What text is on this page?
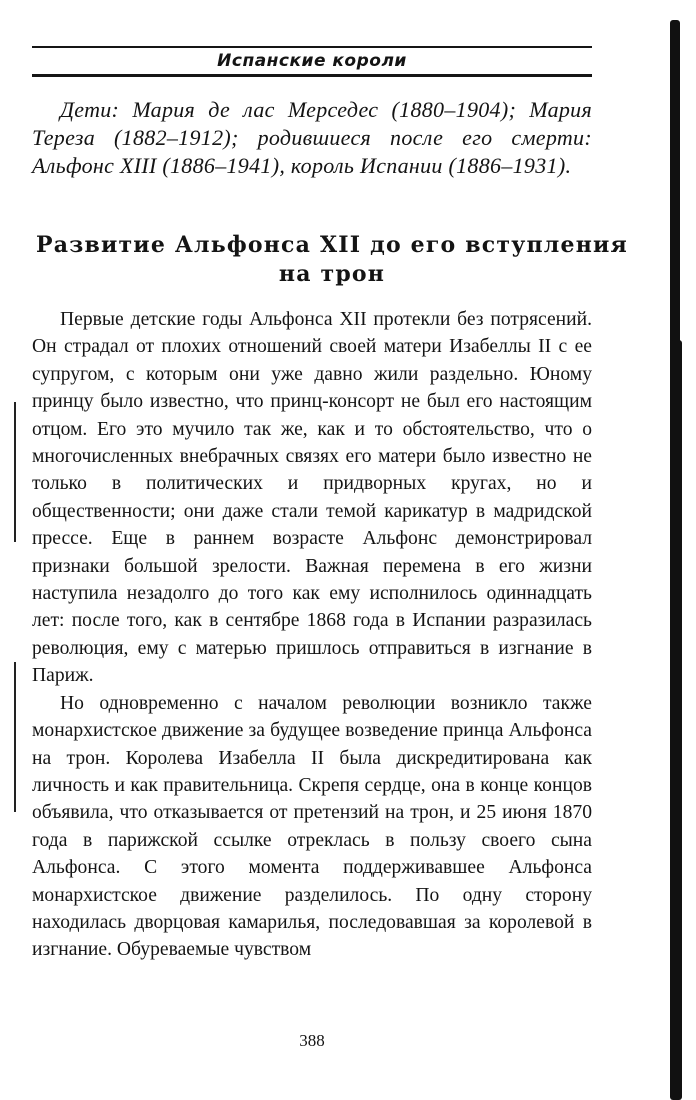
Испанские короли

Дети: Мария де лас Мерседес (1880–1904); Мария Тереза (1882–1912); родившиеся после его смерти: Альфонс XIII (1886–1941), король Испании (1886–1931).

Развитие Альфонса XII до его вступления на трон

Первые детские годы Альфонса XII протекли без потрясений. Он страдал от плохих отношений своей матери Изабеллы II с ее супругом, с которым они уже давно жили раздельно. Юному принцу было известно, что принц-консорт не был его настоящим отцом. Его это мучило так же, как и то обстоятельство, что о многочисленных внебрачных связях его матери было известно не только в политических и придворных кругах, но и общественности; они даже стали темой карикатур в мадридской прессе. Еще в раннем возрасте Альфонс демонстрировал признаки большой зрелости. Важная перемена в его жизни наступила незадолго до того как ему исполнилось одиннадцать лет: после того, как в сентябре 1868 года в Испании разразилась революция, ему с матерью пришлось отправиться в изгнание в Париж.

Но одновременно с началом революции возникло также монархистское движение за будущее возведение принца Альфонса на трон. Королева Изабелла II была дискредитирована как личность и как правительница. Скрепя сердце, она в конце концов объявила, что отказывается от претензий на трон, и 25 июня 1870 года в парижской ссылке отреклась в пользу своего сына Альфонса. С этого момента поддерживавшее Альфонса монархистское движение разделилось. По одну сторону находилась дворцовая камарилья, последовавшая за королевой в изгнание. Обуреваемые чувством

388
